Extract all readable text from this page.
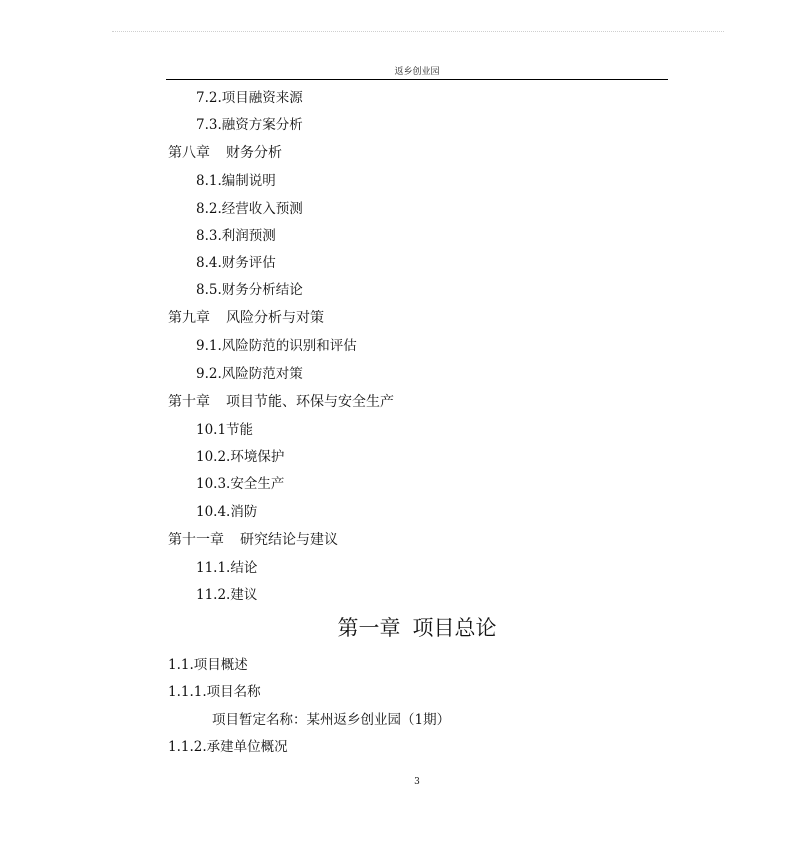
返乡创业园
7.2.项目融资来源
7.3.融资方案分析
第八章 财务分析
8.1.编制说明
8.2.经营收入预测
8.3.利润预测
8.4.财务评估
8.5.财务分析结论
第九章 风险分析与对策
9.1.风险防范的识别和评估
9.2.风险防范对策
第十章 项目节能、环保与安全生产
10.1节能
10.2.环境保护
10.3.安全生产
10.4.消防
第十一章 研究结论与建议
11.1.结论
11.2.建议
第一章 项目总论
1.1.项目概述
1.1.1.项目名称
项目暂定名称：某州返乡创业园（1期）
1.1.2.承建单位概况
3
